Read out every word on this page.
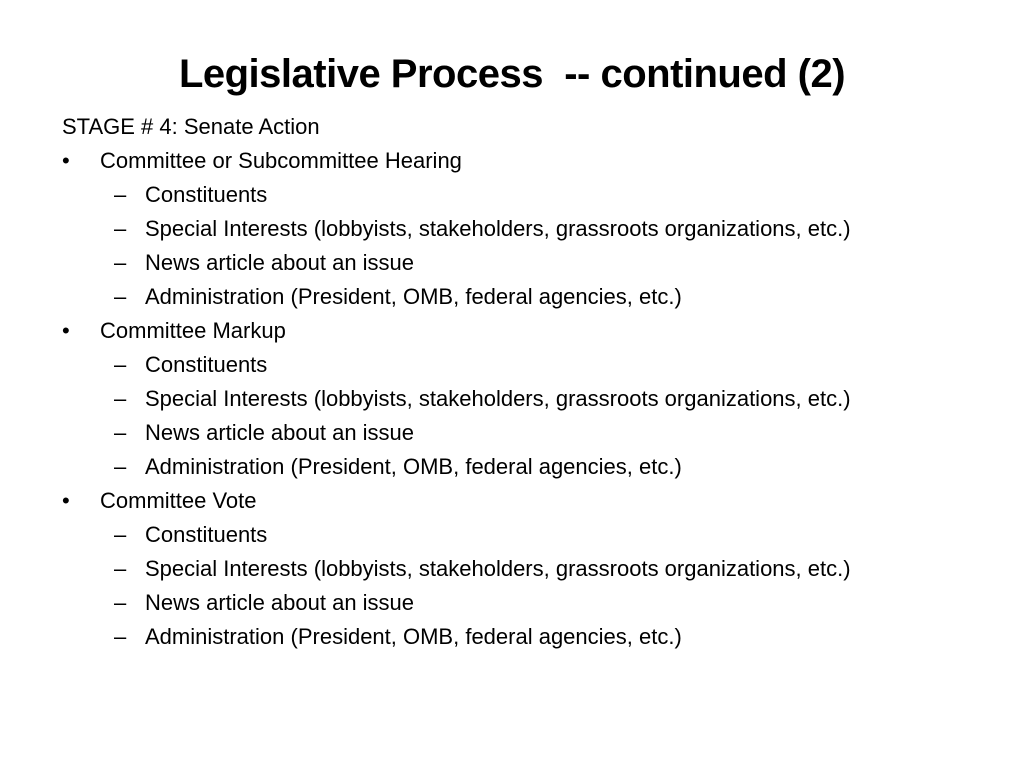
Legislative Process  -- continued (2)
STAGE # 4: Senate Action
•	Committee or Subcommittee Hearing
– Constituents
– Special Interests (lobbyists, stakeholders, grassroots organizations, etc.)
– News article about an issue
– Administration (President, OMB, federal agencies, etc.)
•	Committee Markup
– Constituents
– Special Interests (lobbyists, stakeholders, grassroots organizations, etc.)
– News article about an issue
– Administration (President, OMB, federal agencies, etc.)
•	Committee Vote
– Constituents
– Special Interests (lobbyists, stakeholders, grassroots organizations, etc.)
– News article about an issue
– Administration (President, OMB, federal agencies, etc.)
